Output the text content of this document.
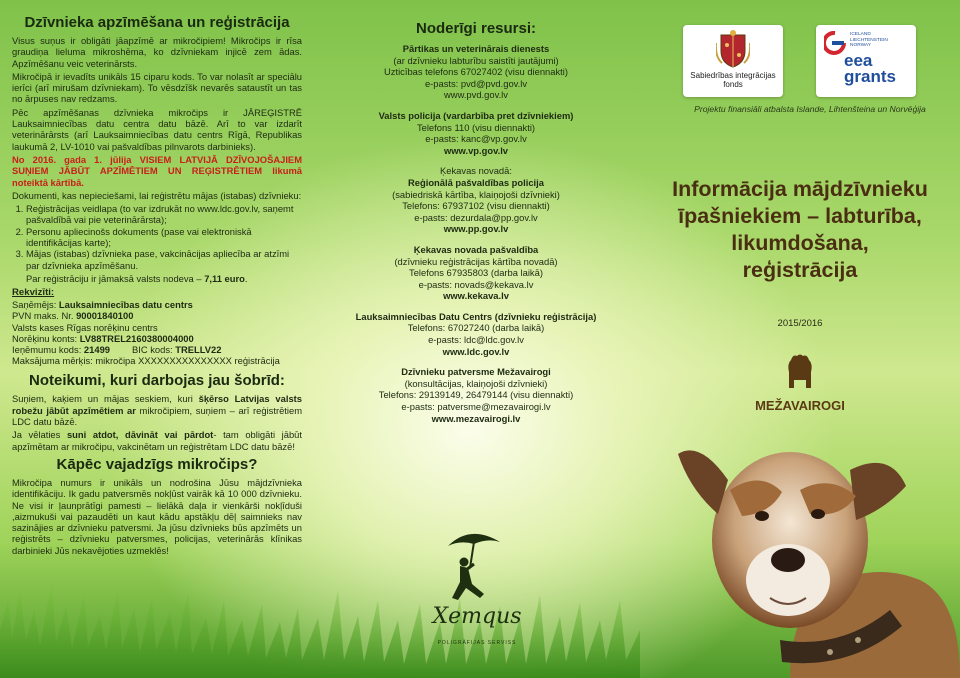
Dzīvnieka apzīmēšana un reģistrācija

Visus suņus ir obligāti jāapzīmē ar mikročipiem! Mikročips ir rīsa graudiņa lieluma mikroshēma, ko dzīvniekam injicē zem ādas. Apzīmēšanu veic veterinārsts.

Mikročipā ir ievadīts unikāls 15 ciparu kods. To var nolasīt ar speciālu ierīci (arī mirušam dzīvniekam). To vēsdzīšk nevarēs sataustīt un tas no ārpuses nav redzams.

Pēc apzīmēšanas dzīvnieka mikročips ir JĀREĢISTRĒ Lauksaimniecības datu centra datu bāzē. Arī to var izdarīt veterinārārsts (arī Lauksaimniecības datu centrs Rīgā, Republikas laukumā 2, LV-1010 vai pašvaldības pilnvarots darbinieks).

No 2016. gada 1. jūlija VISIEM LATVIJĀ DZĪVOJOŠAJIEM SUŅIEM JĀBŪT APZĪMĒTIEM UN REĢISTRĒTIEM likumā noteiktā kārtībā.

Dokumenti, kas nepieciešami, lai reģistrētu mājas (istabas) dzīvnieku:

1. Reģistrācijas veidlapa (to var izdrukāt no www.ldc.gov.lv, saņemt pašvaldībā vai pie veterinārārsta);
2. Personu apliecinošs dokuments (pase vai elektroniskā identifikācijas karte);
3. Mājas (istabas) dzīvnieka pase, vakcinācijas apliecība ar atzīmi par dzīvnieka apzīmēšanu.

Par reģistrāciju ir jāmaksā valsts nodeva – 7,11 euro.

Rekvizīti:
Saņēmējs: Lauksaimniecības datu centrs
PVN maks. Nr. 90001840100
Valsts kases Rīgas norēķinu centrs
Norēķinu konts: LV88TREL2160380004000
Ieņēmumu kods: 21499 BIC kods: TRELLV22
Maksājuma mērķis: mikročipa XXXXXXXXXXXXXXX reģistrācija
Noteikumi, kuri darbojas jau šobrīd:

Suņiem, kaķiem un mājas seskiem, kuri šķērso Latvijas valsts robežu jābūt apzīmētiem ar mikročipiem, suņiem – arī reģistrētiem LDC datu bāzē.

Ja vēlaties suni atdot, dāvināt vai pārdot- tam obligāti jābūt apzīmētam ar mikročipu, vakcinētam un reģistrētam LDC datu bāzē!

Kāpēc vajadzīgs mikročips?

Mikročipa numurs ir unikāls un nodrošina Jūsu mājdzīvnieka identifikāciju. Ik gadu patversmēs nokļūst vairāk kā 10 000 dzīvnieku. Ne visi ir ļaunprātīgi pamesti – lielākā daļa ir vienkārši nokļīduši ,aizmukuši vai pazaudēti un kaut kādu apstākļu dēļ saimnieks nav sazinājies ar dzīvnieku patversmi. Ja jūsu dzīvnieks būs apzīmēts un reģistrēts – dzīvnieku patversmes, policijas, veterinārās klīnikas darbinieki Jūs nekavējoties uzmeklēs!

Noderīgi resursi:
Pārtikas un veterinārais dienests
(ar dzīvnieku labturību saistīti jautājumi)
Uzticības telefons 67027402 (visu diennakti)
e-pasts: pvd@pvd.gov.lv
www.pvd.gov.lv
Valsts policija (vardarbība pret dzīvniekiem)
Telefons 110 (visu diennakti)
e-pasts: kanc@vp.gov.lv
www.vp.gov.lv
Ķekavas novadā:
Reģionālā pašvaldības policija
(sabiedriskā kārtība, klaiņojoši dzīvnieki)
Telefons: 67937102 (visu diennakti)
e-pasts: dezurdala@pp.gov.lv
www.pp.gov.lv
Ķekavas novada pašvaldība
(dzīvnieku reģistrācijas kārtība novadā)
Telefons 67935803 (darba laikā)
e-pasts: novads@kekava.lv
www.kekava.lv
Lauksaimniecības Datu Centrs (dzīvnieku reģistrācija)
Telefons: 67027240 (darba laikā)
e-pasts: ldc@ldc.gov.lv
www.ldc.gov.lv
Dzīvnieku patversme Mežavairogi
(konsultācijas, klaiņojoši dzīvnieki)
Telefons: 29139149, 26479144 (visu diennakti)
e-pasts: patversme@mezavairogi.lv
www.mezavairogi.lv
Xemqus
POLIGRĀFIJAS SERVISS
Sabiedrības integrācijas fonds
ICELAND LIECHTENSTEIN NORWAY
eea grants
Projektu finansiāli atbalsta Islande, Lihtenšteina un Norvēģija
Informācija mājdzīvnieku
īpašniekiem – labturība,
likumdošana,
reģistrācija
2015/2016
MEŽAVAIROGI
